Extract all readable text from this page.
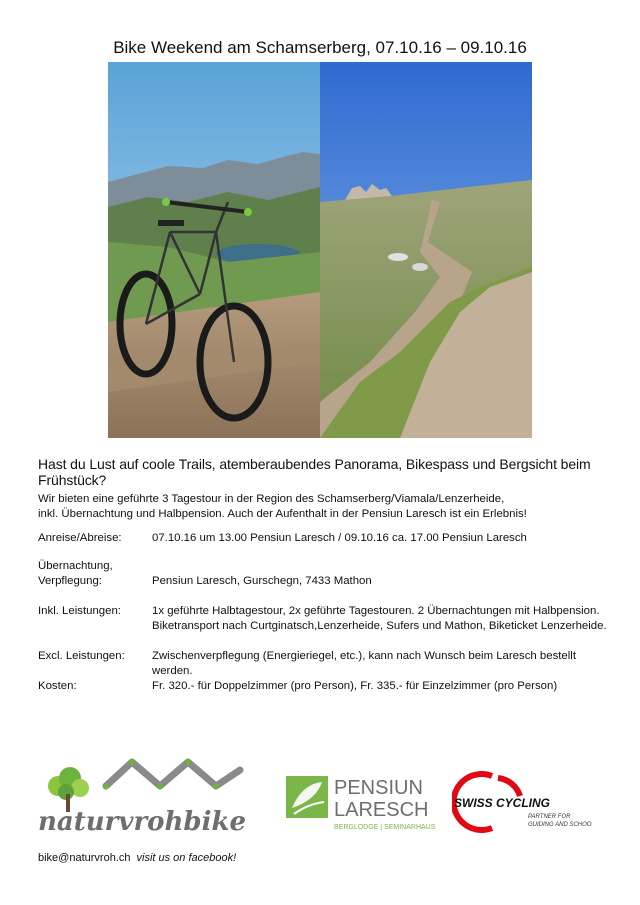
Bike Weekend am Schamserberg, 07.10.16 – 09.10.16

Hast du Lust auf coole Trails, atemberaubendes Panorama, Bikespass und Bergsicht beim Frühstück?

Wir bieten eine geführte 3 Tagestour in der Region des Schamserberg/Viamala/Lenzerheide,

inkl. Übernachtung und Halbpension. Auch der Aufenthalt in der Pensiun Laresch ist ein Erlebnis!

Anreise/Abreise:	07.10.16 um 13.00 Pensiun Laresch / 09.10.16 ca. 17.00 Pensiun Laresch
Übernachtung,
Verpflegung:	Pensiun Laresch, Gurschegn, 7433 Mathon
Inkl. Leistungen:	1x geführte Halbtagestour, 2x geführte Tagestouren. 2 Übernachtungen mit Halbpension.
Biketransport nach Curtginatsch,Lenzerheide, Sufers und Mathon, Biketicket Lenzerheide.
Excl. Leistungen:	Zwischenverpflegung (Energieriegel, etc.), kann nach Wunsch beim Laresch bestellt werden.
Kosten:	Fr. 320.- für Doppelzimmer (pro Person), Fr. 335.- für Einzelzimmer (pro Person)
naturvrohbike
PENSIUN
LARESCH
BERGLODGE | SEMINARHAUS
SWISS CYCLING
PARTNER FOR
GUIDING AND SCHOOL
bike@naturvroh.ch visit us on facebook!
